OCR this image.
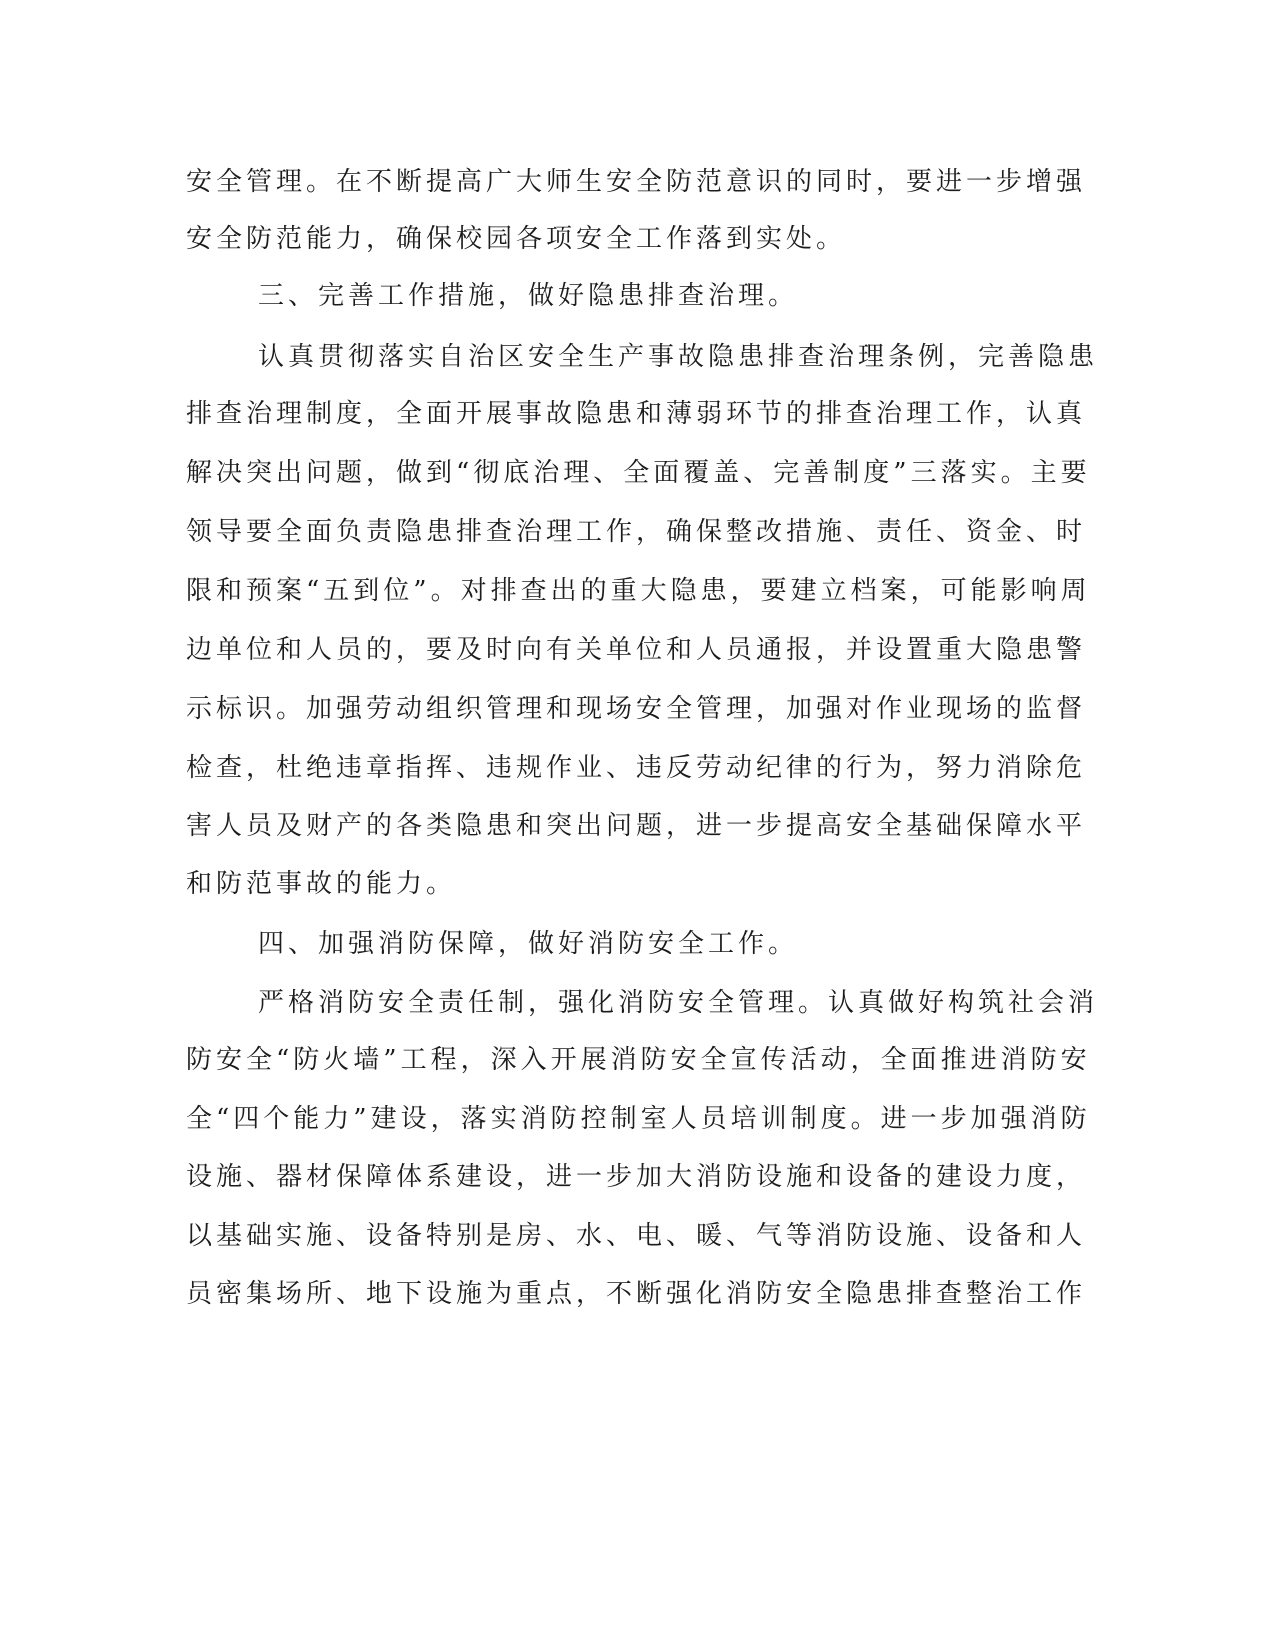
安全管理。在不断提高广大师生安全防范意识的同时，要进一步增强
安全防范能力，确保校园各项安全工作落到实处。
三、完善工作措施，做好隐患排查治理。
认真贯彻落实自治区安全生产事故隐患排查治理条例，完善隐患
排查治理制度，全面开展事故隐患和薄弱环节的排查治理工作，认真
解决突出问题，做到“彻底治理、全面覆盖、完善制度”三落实。主要
领导要全面负责隐患排查治理工作，确保整改措施、责任、资金、时
限和预案“五到位”。对排查出的重大隐患，要建立档案，可能影响周
边单位和人员的，要及时向有关单位和人员通报，并设置重大隐患警
示标识。加强劳动组织管理和现场安全管理，加强对作业现场的监督
检查，杜绝违章指挥、违规作业、违反劳动纪律的行为，努力消除危
害人员及财产的各类隐患和突出问题，进一步提高安全基础保障水平
和防范事故的能力。
四、加强消防保障，做好消防安全工作。
严格消防安全责任制，强化消防安全管理。认真做好构筑社会消
防安全“防火墙”工程，深入开展消防安全宣传活动，全面推进消防安
全“四个能力”建设，落实消防控制室人员培训制度。进一步加强消防
设施、器材保障体系建设，进一步加大消防设施和设备的建设力度，
以基础实施、设备特别是房、水、电、暖、气等消防设施、设备和人
员密集场所、地下设施为重点，不断强化消防安全隐患排查整治工作
